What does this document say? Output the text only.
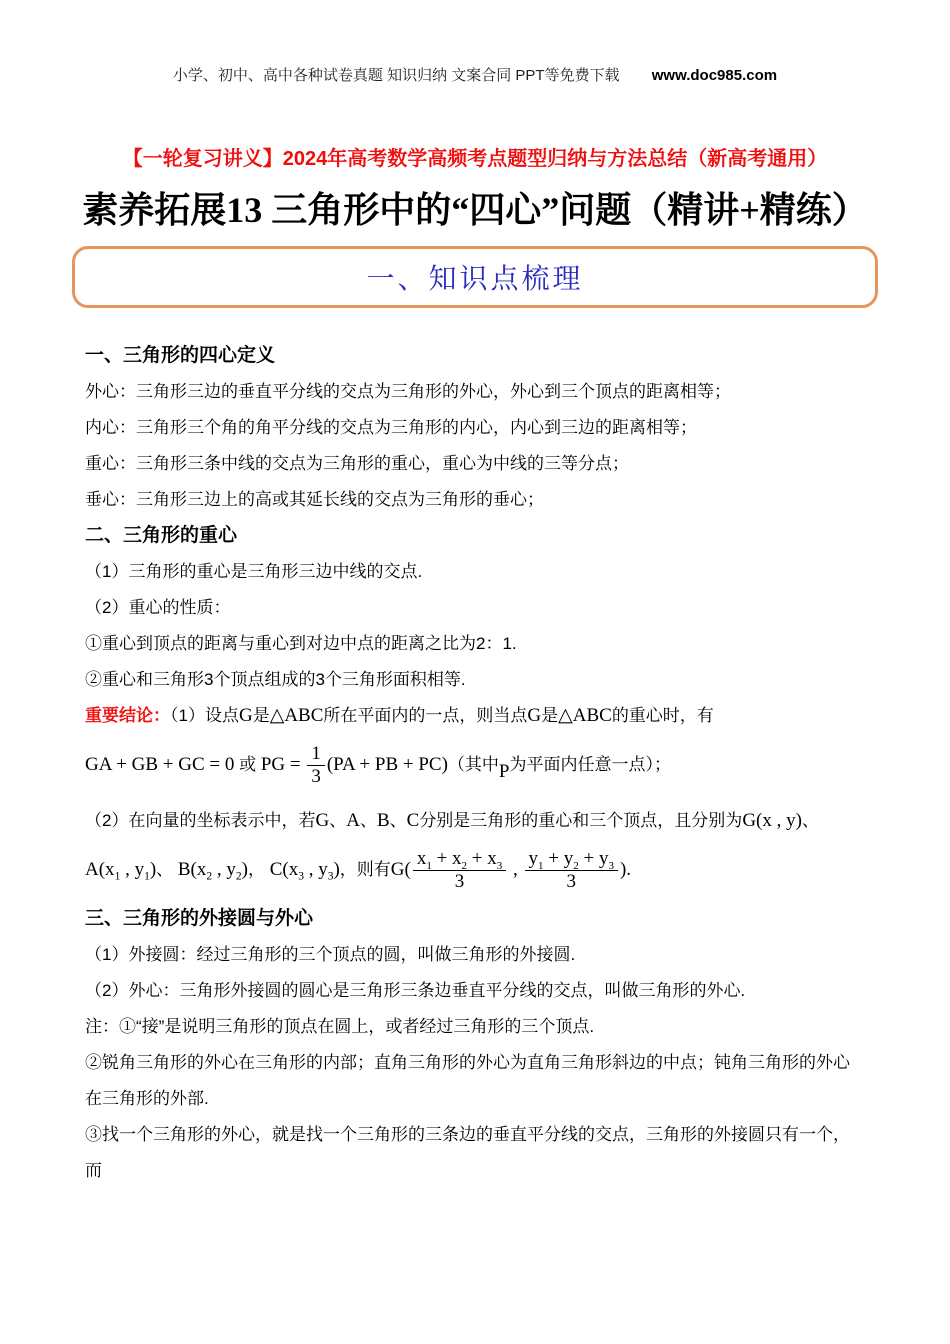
小学、初中、高中各种试卷真题 知识归纳 文案合同 PPT等免费下载 www.doc985.com
【一轮复习讲义】2024年高考数学高频考点题型归纳与方法总结（新高考通用）
素养拓展13 三角形中的“四心”问题（精讲+精练）
一、知识点梳理

一、三角形的四心定义

外心：三角形三边的垂直平分线的交点为三角形的外心，外心到三个顶点的距离相等；

内心：三角形三个角的角平分线的交点为三角形的内心，内心到三边的距离相等；

重心：三角形三条中线的交点为三角形的重心，重心为中线的三等分点；

垂心：三角形三边上的高或其延长线的交点为三角形的垂心；

二、三角形的重心

（1）三角形的重心是三角形三边中线的交点.

（2）重心的性质：

①重心到顶点的距离与重心到对边中点的距离之比为2：1.

②重心和三角形3个顶点组成的3个三角形面积相等.

重要结论：（1）设点G是△ABC所在平面内的一点，则当点G是△ABC的重心时，有

GA + GB + GC = 0 或 PG = $\frac{1}{3} (PA$ + PB + PC)（其中P为平面内任意一点）；

（2）在向量的坐标表示中，若G、A、B、C分别是三角形的重心和三个顶点，且分别为G(x , y)、

$A(x_1$ , $y_1$)、 $B(x_2$ , $y_2$)， $C(x_3$ , $y_3$)，则有$G( \frac{x_1 + x_2 + x_3}{3}$ , $\frac{y_1 + y_2 + y_3}{3}$ ).

三、三角形的外接圆与外心

（1）外接圆：经过三角形的三个顶点的圆，叫做三角形的外接圆.

（2）外心：三角形外接圆的圆心是三角形三条边垂直平分线的交点，叫做三角形的外心.

注：①“接”是说明三角形的顶点在圆上，或者经过三角形的三个顶点.

②锐角三角形的外心在三角形的内部；直角三角形的外心为直角三角形斜边的中点；钝角三角形的外心在三角形的外部.

③找一个三角形的外心，就是找一个三角形的三条边的垂直平分线的交点，三角形的外接圆只有一个，而
